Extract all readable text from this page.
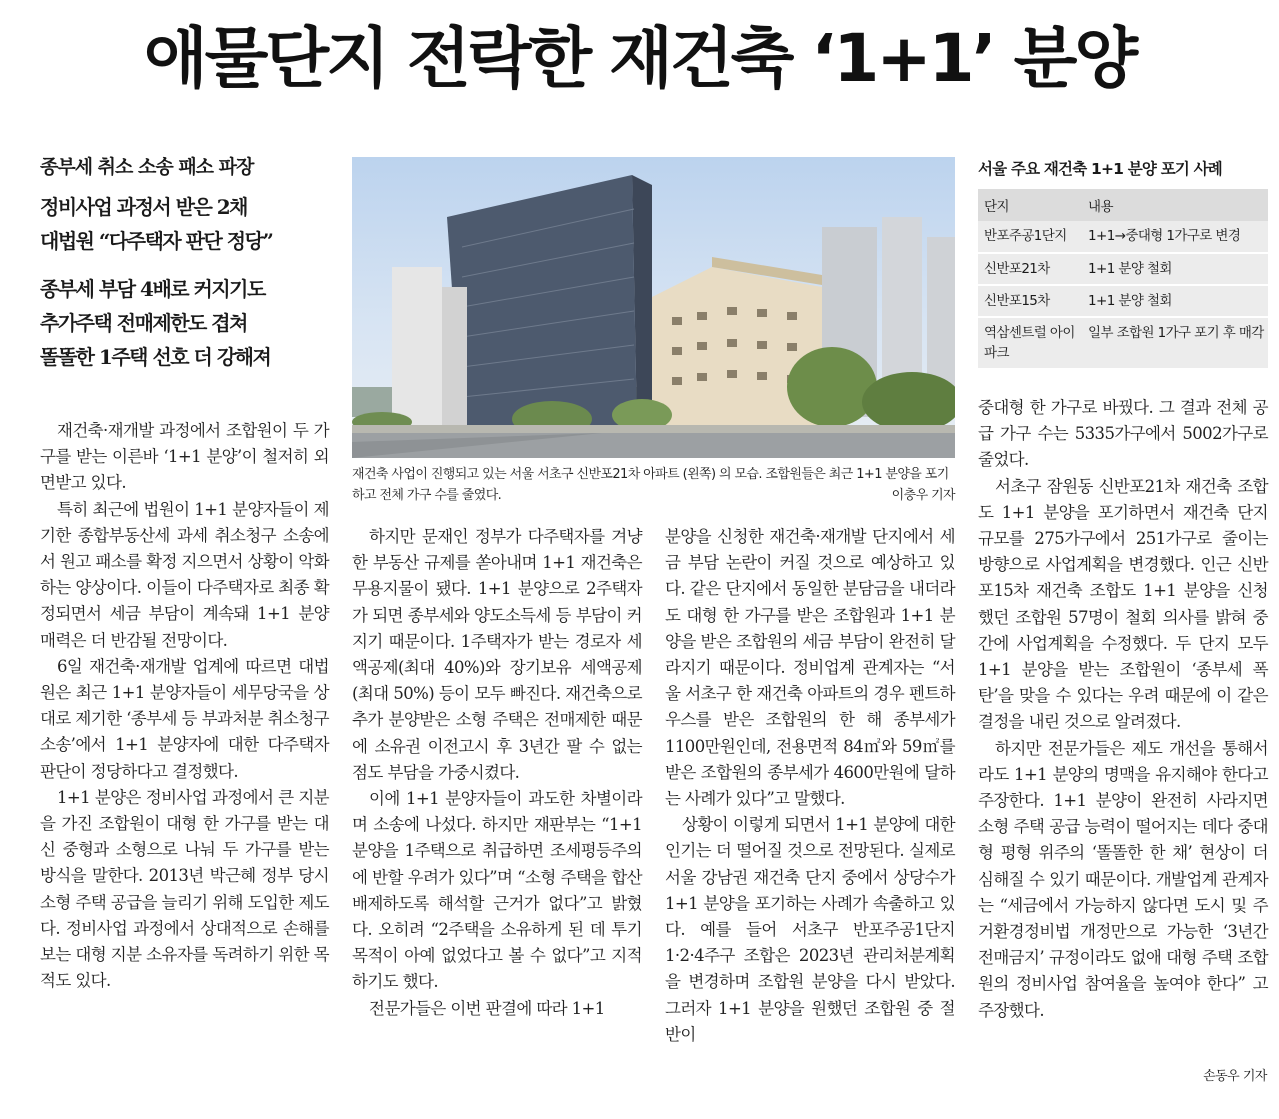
애물단지 전락한 재건축 ‘1+1’ 분양
종부세 취소 소송 패소 파장
정비사업 과정서 받은 2채
대법원 “다주택자 판단 정당”
종부세 부담 4배로 커지기도
추가주택 전매제한도 겹쳐
똘똘한 1주택 선호 더 강해져

재건축·재개발 과정에서 조합원이 두 가구를 받는 이른바 ‘1+1 분양’이 철저히 외면받고 있다.

특히 최근에 법원이 1+1 분양자들이 제기한 종합부동산세 과세 취소청구 소송에서 원고 패소를 확정 지으면서 상황이 악화하는 양상이다. 이들이 다주택자로 최종 확정되면서 세금 부담이 계속돼 1+1 분양 매력은 더 반감될 전망이다.

6일 재건축·재개발 업계에 따르면 대법원은 최근 1+1 분양자들이 세무당국을 상대로 제기한 ‘종부세 등 부과처분 취소청구 소송’에서 1+1 분양자에 대한 다주택자 판단이 정당하다고 결정했다.

1+1 분양은 정비사업 과정에서 큰 지분을 가진 조합원이 대형 한 가구를 받는 대신 중형과 소형으로 나눠 두 가구를 받는 방식을 말한다. 2013년 박근혜 정부 당시 소형 주택 공급을 늘리기 위해 도입한 제도다. 정비사업 과정에서 상대적으로 손해를 보는 대형 지분 소유자를 독려하기 위한 목적도 있다.

재건축 사업이 진행되고 있는 서울 서초구 신반포21차 아파트 (왼쪽) 의 모습. 조합원들은 최근 1+1 분양을 포기하고 전체 가구 수를 줄였다.	이충우 기자

하지만 문재인 정부가 다주택자를 겨냥한 부동산 규제를 쏟아내며 1+1 재건축은 무용지물이 됐다. 1+1 분양으로 2주택자가 되면 종부세와 양도소득세 등 부담이 커지기 때문이다. 1주택자가 받는 경로자 세액공제(최대 40%)와 장기보유 세액공제(최대 50%) 등이 모두 빠진다. 재건축으로 추가 분양받은 소형 주택은 전매제한 때문에 소유권 이전고시 후 3년간 팔 수 없는 점도 부담을 가중시켰다.

이에 1+1 분양자들이 과도한 차별이라며 소송에 나섰다. 하지만 재판부는 “1+1 분양을 1주택으로 취급하면 조세평등주의에 반할 우려가 있다”며 “소형 주택을 합산 배제하도록 해석할 근거가 없다”고 밝혔다. 오히려 “2주택을 소유하게 된 데 투기 목적이 아예 없었다고 볼 수 없다”고 지적하기도 했다.

전문가들은 이번 판결에 따라 1+1

분양을 신청한 재건축·재개발 단지에서 세금 부담 논란이 커질 것으로 예상하고 있다. 같은 단지에서 동일한 분담금을 내더라도 대형 한 가구를 받은 조합원과 1+1 분양을 받은 조합원의 세금 부담이 완전히 달라지기 때문이다. 정비업계 관계자는 “서울 서초구 한 재건축 아파트의 경우 펜트하우스를 받은 조합원의 한 해 종부세가 1100만원인데, 전용면적 84㎡와 59㎡를 받은 조합원의 종부세가 4600만원에 달하는 사례가 있다”고 말했다.

상황이 이렇게 되면서 1+1 분양에 대한 인기는 더 떨어질 것으로 전망된다. 실제로 서울 강남권 재건축 단지 중에서 상당수가 1+1 분양을 포기하는 사례가 속출하고 있다. 예를 들어 서초구 반포주공1단지 1·2·4주구 조합은 2023년 관리처분계획을 변경하며 조합원 분양을 다시 받았다. 그러자 1+1 분양을 원했던 조합원 중 절반이

서울 주요 재건축 1+1 분양 포기 사례
단지	내용
반포주공1단지	1+1→중대형 1가구로 변경
신반포21차	1+1 분양 철회
신반포15차	1+1 분양 철회
역삼센트럴 아이파크	일부 조합원 1가구 포기 후 매각

중대형 한 가구로 바꿨다. 그 결과 전체 공급 가구 수는 5335가구에서 5002가구로 줄었다.

서초구 잠원동 신반포21차 재건축 조합도 1+1 분양을 포기하면서 재건축 단지 규모를 275가구에서 251가구로 줄이는 방향으로 사업계획을 변경했다. 인근 신반포15차 재건축 조합도 1+1 분양을 신청했던 조합원 57명이 철회 의사를 밝혀 중간에 사업계획을 수정했다. 두 단지 모두 1+1 분양을 받는 조합원이 ‘종부세 폭탄’을 맞을 수 있다는 우려 때문에 이 같은 결정을 내린 것으로 알려졌다.

하지만 전문가들은 제도 개선을 통해서라도 1+1 분양의 명맥을 유지해야 한다고 주장한다. 1+1 분양이 완전히 사라지면 소형 주택 공급 능력이 떨어지는 데다 중대형 평형 위주의 ‘똘똘한 한 채’ 현상이 더 심해질 수 있기 때문이다. 개발업계 관계자는 “세금에서 가능하지 않다면 도시 및 주거환경정비법 개정만으로 가능한 ‘3년간 전매금지’ 규정이라도 없애 대형 주택 조합원의 정비사업 참여율을 높여야 한다” 고 주장했다.

손동우 기자
